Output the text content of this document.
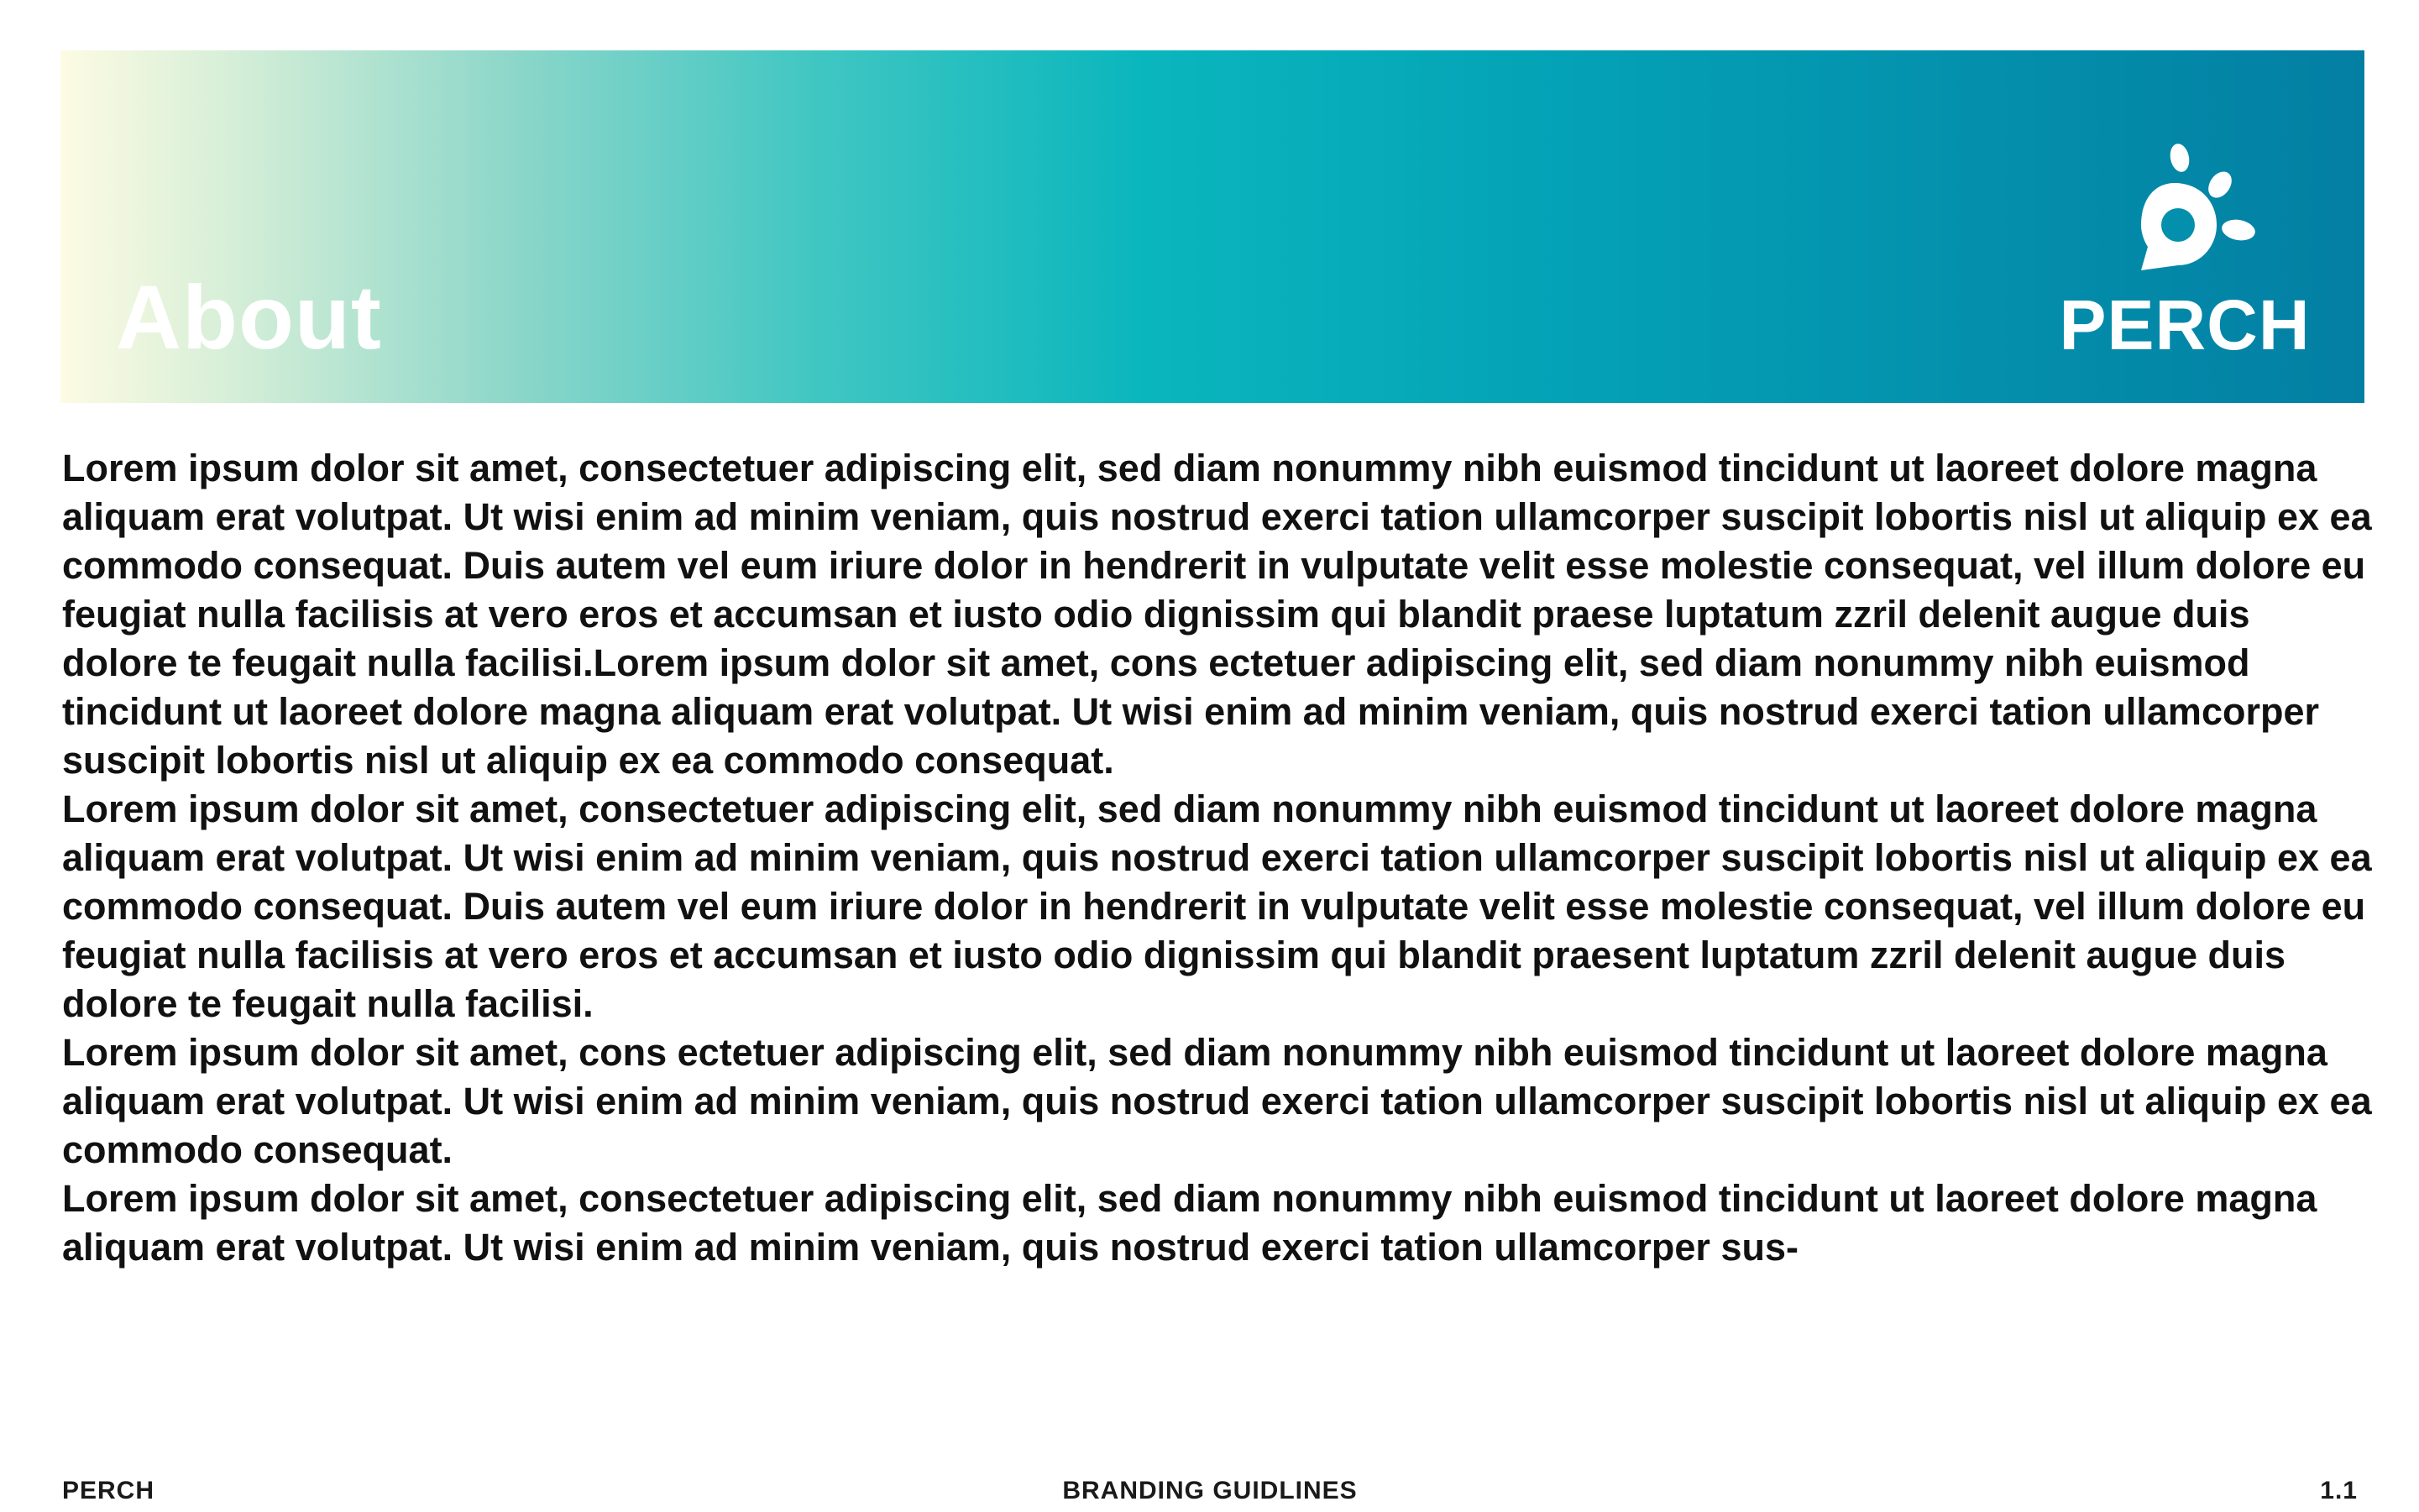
About	PERCH

Lorem ipsum dolor sit amet, consectetuer adipiscing elit, sed diam nonummy nibh euismod tincidunt ut laoreet dolore magna aliquam erat volutpat. Ut wisi enim ad minim veniam, quis nostrud exerci tation ullamcorper suscipit lobortis nisl ut aliquip ex ea commodo consequat. Duis autem vel eum iriure dolor in hendrerit in vulputate velit esse molestie consequat, vel illum dolore eu feugiat nulla facilisis at vero eros et accumsan et iusto odio dignissim qui blandit praese luptatum zzril delenit augue duis dolore te feugait nulla facilisi.Lorem ipsum dolor sit amet, cons ectetuer adipiscing elit, sed diam nonummy nibh euismod tincidunt ut laoreet dolore magna aliquam erat volutpat. Ut wisi enim ad minim veniam, quis nostrud exerci tation ullamcorper suscipit lobortis nisl ut aliquip ex ea commodo consequat.

Lorem ipsum dolor sit amet, consectetuer adipiscing elit, sed diam nonummy nibh euismod tincidunt ut laoreet dolore magna aliquam erat volutpat. Ut wisi enim ad minim veniam, quis nostrud exerci tation ullamcorper suscipit lobortis nisl ut aliquip ex ea commodo consequat. Duis autem vel eum iriure dolor in hendrerit in vulputate velit esse molestie consequat, vel illum dolore eu feugiat nulla facilisis at vero eros et accumsan et iusto odio dignissim qui blandit praesent luptatum zzril delenit augue duis dolore te feugait nulla facilisi.

Lorem ipsum dolor sit amet, cons ectetuer adipiscing elit, sed diam nonummy nibh euismod tincidunt ut laoreet dolore magna aliquam erat volutpat. Ut wisi enim ad minim veniam, quis nostrud exerci tation ullamcorper suscipit lobortis nisl ut aliquip ex ea commodo consequat.

Lorem ipsum dolor sit amet, consectetuer adipiscing elit, sed diam nonummy nibh euismod tincidunt ut laoreet dolore magna aliquam erat volutpat. Ut wisi enim ad minim veniam, quis nostrud exerci tation ullamcorper sus-

PERCH	BRANDING GUIDLINES	1.1
